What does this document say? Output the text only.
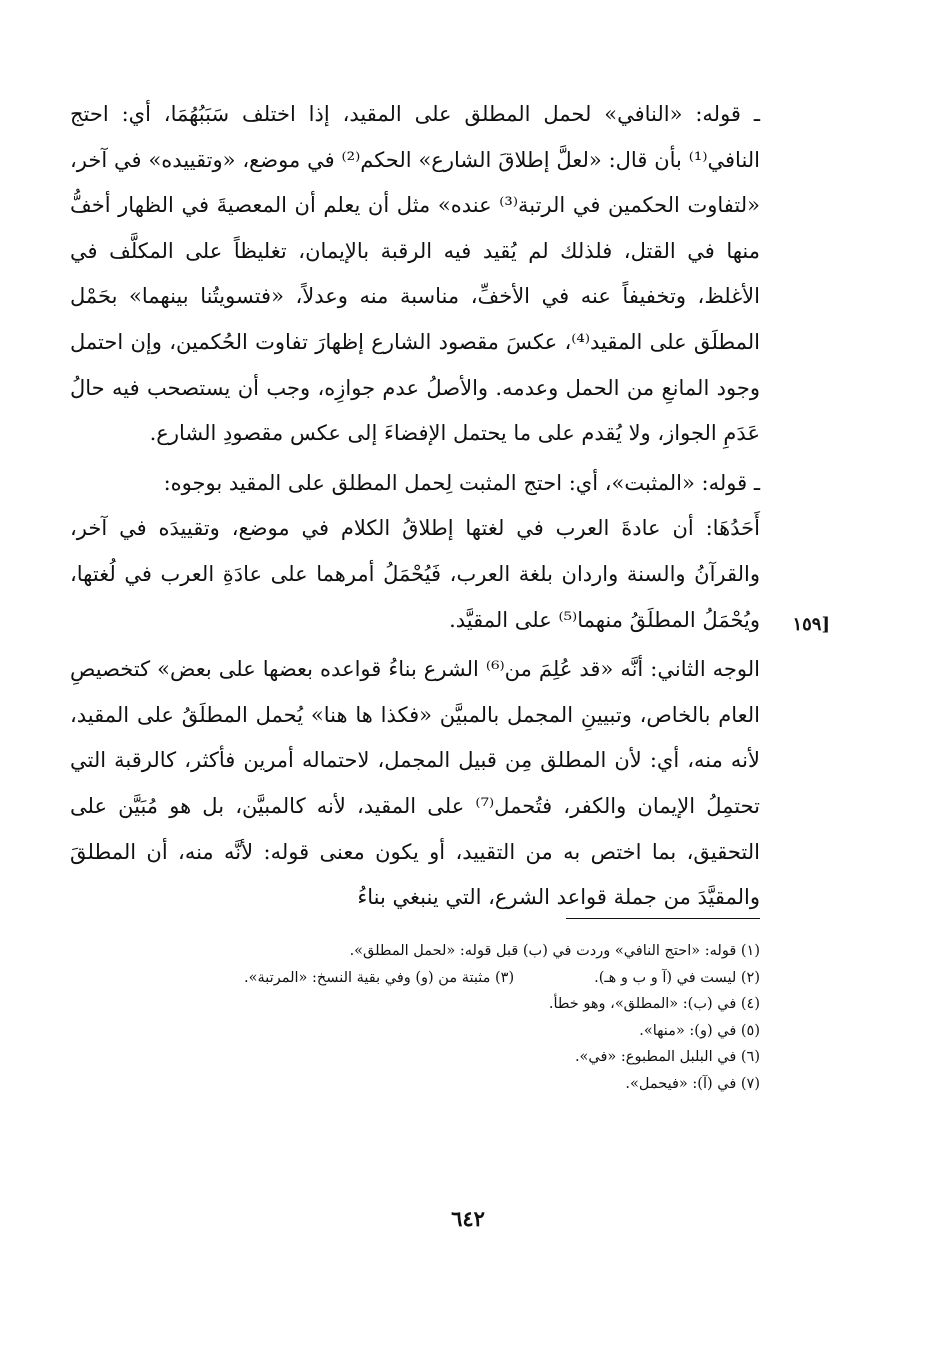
ـ قوله: «النافي» لحمل المطلق على المقيد، إذا اختلف سَبَبُهُمَا، أي: احتج النافي⁽¹⁾ بأن قال: «لعلَّ إطلاقَ الشارع» الحكم⁽²⁾ في موضع، «وتقييده» في آخر، «لتفاوت الحكمين في الرتبة⁽³⁾ عنده» مثل أن يعلم أن المعصيةَ في الظهار أخفُّ منها في القتل، فلذلك لم يُقيد فيه الرقبة بالإيمان، تغليظاً على المكلَّف في الأغلظ، وتخفيفاً عنه في الأخفِّ، مناسبة منه وعدلاً، «فتسويتُنا بينهما» بحَمْل المطلَق على المقيد⁽⁴⁾، عكسَ مقصود الشارع إظهارَ تفاوت الحُكمين، وإن احتمل وجود المانعِ من الحمل وعدمه. والأصلُ عدم جوازِه، وجب أن يستصحب فيه حالُ عَدَمِ الجواز، ولا يُقدم على ما يحتمل الإفضاءَ إلى عكس مقصودِ الشارع.

ـ قوله: «المثبت»، أي: احتج المثبت لِحمل المطلق على المقيد بوجوه:

أَحَدُهَا: أن عادةَ العرب في لغتها إطلاقُ الكلام في موضع، وتقييدَه في آخر، والقرآنُ والسنة واردان بلغة العرب، فَيُحْمَلُ أمرهما على عادَةِ العرب في لُغتها، ويُحْمَلُ المطلَقُ منهما⁽⁵⁾ على المقيَّد.

الوجه الثاني: أنَّه «قد عُلِمَ من⁽⁶⁾ الشرع بناءُ قواعده بعضها على بعض» كتخصيصِ العام بالخاص، وتبيينِ المجمل بالمبيَّن «فكذا ها هنا» يُحمل المطلَقُ على المقيد، لأنه منه، أي: لأن المطلق مِن قبيل المجمل، لاحتماله أمرين فأكثر، كالرقبة التي تحتمِلُ الإيمان والكفر، فتُحمل⁽⁷⁾ على المقيد، لأنه كالمبيَّن، بل هو مُبَيَّن على التحقيق، بما اختص به من التقييد، أو يكون معنى قوله: لأنَّه منه، أن المطلقَ والمقيَّدَ من جملة قواعد الشرع، التي ينبغي بناءُ

[١٥٩

(١) قوله: «احتج النافي» وردت في (ب) قبل قوله: «لحمل المطلق».

(٢) ليست في (آ و ب و هـ).

(٣) مثبتة من (و) وفي بقية النسخ: «المرتبة».

(٤) في (ب): «المطلق»، وهو خطأ.

(٥) في (و): «منها».

(٦) في البلبل المطبوع: «في».

(٧) في (آ): «فيحمل».

٦٤٢
